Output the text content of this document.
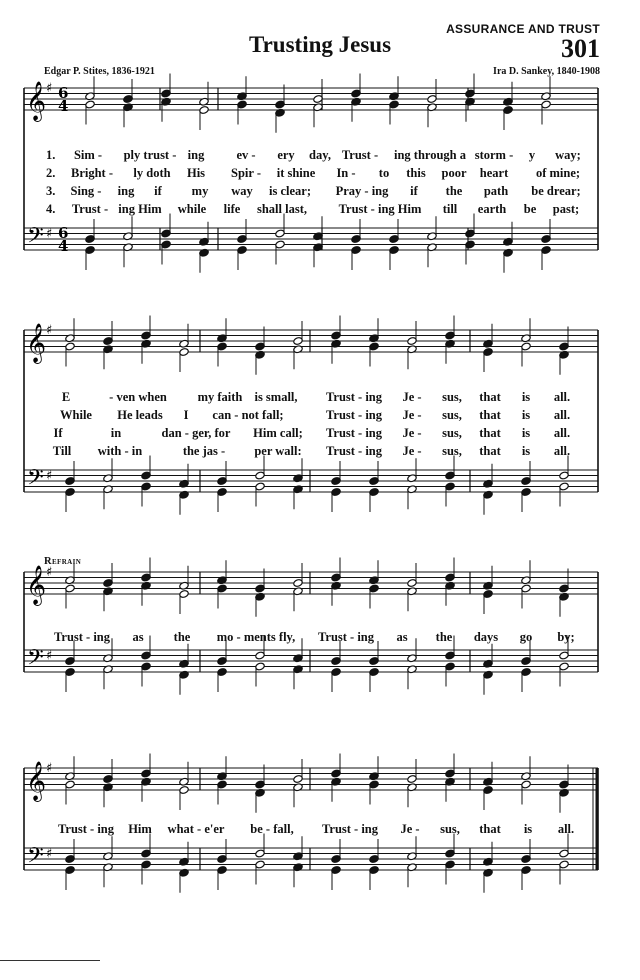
ASSURANCE AND TRUST
301
Trusting Jesus
Edgar P. Stites, 1836-1921	Ira D. Sankey, 1840-1908
𝄞
𝄢
♯
♯
6
4
6
4
𝄞
𝄢
♯
♯
𝄞
𝄢
♯
♯
𝄞
𝄢
♯
♯
Refrain
1. Sim - ply trust - ing	ev - ery day, Trust - ing through a storm - y way;
2. Bright - ly doth His Spir - it shine In - to this poor heart of mine;
3. Sing - ing if my way is clear; Pray - ing if the path be drear;
4. Trust - ing Him while life shall last,	Trust - ing Him till earth be past;
E	- ven when my faith is small, Trust - ing Je - sus, that is all.
While He leads I can - not fall;	Trust - ing Je - sus, that is all.
If	in	dan - ger, for Him call; Trust - ing Je - sus, that is all.
Till with - in	the jas - per wall: Trust - ing Je - sus, that is all.
Trust - ing as the mo - ments fly, Trust - ing as the days go by;
Trust - ing Him what - e'er be - fall, Trust - ing Je - sus, that is all.
